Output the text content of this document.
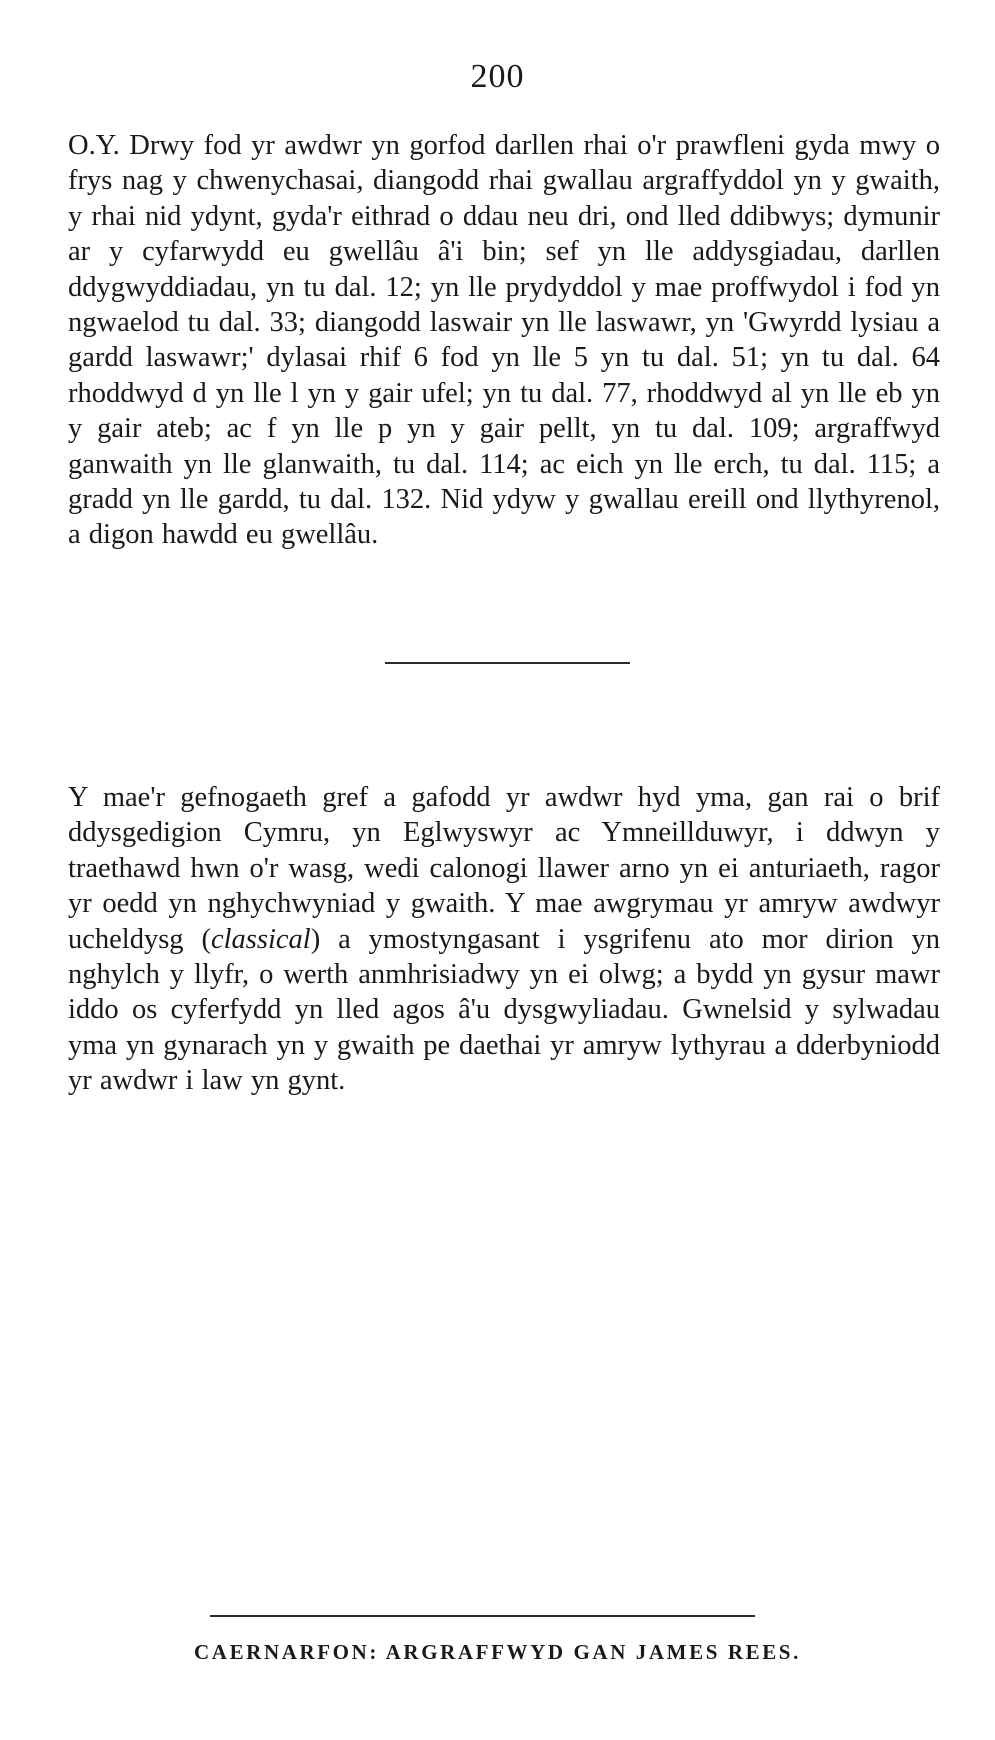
200

O.Y. Drwy fod yr awdwr yn gorfod darllen rhai o'r prawfleni gyda mwy o frys nag y chwenychasai, diangodd rhai gwallau argraffyddol yn y gwaith, y rhai nid ydynt, gyda'r eithrad o ddau neu dri, ond lled ddibwys; dymunir ar y cyfarwydd eu gwellâu â'i bin; sef yn lle addysgiadau, darllen ddygwyddiadau, yn tu dal. 12; yn lle prydyddol y mae proffwydol i fod yn ngwaelod tu dal. 33; diangodd laswair yn lle laswawr, yn 'Gwyrdd lysiau a gardd laswawr;' dylasai rhif 6 fod yn lle 5 yn tu dal. 51; yn tu dal. 64 rhoddwyd d yn lle l yn y gair ufel; yn tu dal. 77, rhoddwyd al yn lle eb yn y gair ateb; ac f yn lle p yn y gair pellt, yn tu dal. 109; argraffwyd ganwaith yn lle glanwaith, tu dal. 114; ac eich yn lle erch, tu dal. 115; a gradd yn lle gardd, tu dal. 132. Nid ydyw y gwallau ereill ond llythyrenol, a digon hawdd eu gwellâu.

Y mae'r gefnogaeth gref a gafodd yr awdwr hyd yma, gan rai o brif ddysgedigion Cymru, yn Eglwyswyr ac Ymneillduwyr, i ddwyn y traethawd hwn o'r wasg, wedi calonogi llawer arno yn ei anturiaeth, ragor yr oedd yn nghychwyniad y gwaith. Y mae awgrymau yr amryw awdwyr ucheldysg (classical) a ymostyngasant i ysgrifenu ato mor dirion yn nghylch y llyfr, o werth anmhrisiadwy yn ei olwg; a bydd yn gysur mawr iddo os cyferfydd yn lled agos â'u dysgwyliadau. Gwnelsid y sylwadau yma yn gynarach yn y gwaith pe daethai yr amryw lythyrau a dderbyniodd yr awdwr i law yn gynt.

CAERNARFON: ARGRAFFWYD GAN JAMES REES.
